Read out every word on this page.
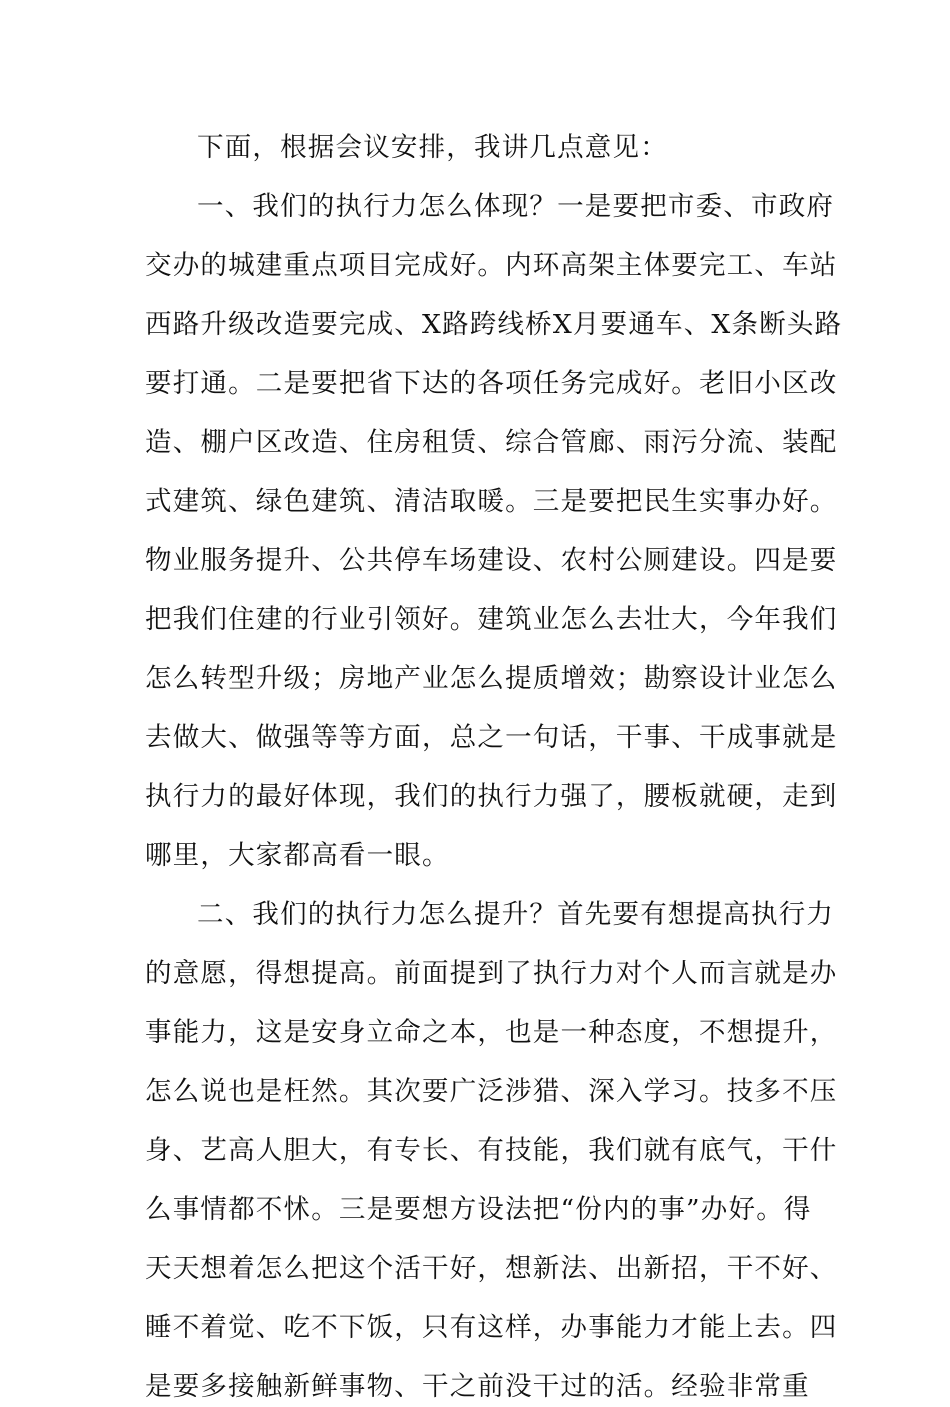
下面，根据会议安排，我讲几点意见：
一、我们的执行力怎么体现？一是要把市委、市政府
交办的城建重点项目完成好。内环高架主体要完工、车站
西路升级改造要完成、X路跨线桥X月要通车、X条断头路
要打通。二是要把省下达的各项任务完成好。老旧小区改
造、棚户区改造、住房租赁、综合管廊、雨污分流、装配
式建筑、绿色建筑、清洁取暖。三是要把民生实事办好。
物业服务提升、公共停车场建设、农村公厕建设。四是要
把我们住建的行业引领好。建筑业怎么去壮大，今年我们
怎么转型升级；房地产业怎么提质增效；勘察设计业怎么
去做大、做强等等方面，总之一句话，干事、干成事就是
执行力的最好体现，我们的执行力强了，腰板就硬，走到
哪里，大家都高看一眼。
二、我们的执行力怎么提升？首先要有想提高执行力
的意愿，得想提高。前面提到了执行力对个人而言就是办
事能力，这是安身立命之本，也是一种态度，不想提升，
怎么说也是枉然。其次要广泛涉猎、深入学习。技多不压
身、艺高人胆大，有专长、有技能，我们就有底气，干什
么事情都不怵。三是要想方设法把“份内的事”办好。得
天天想着怎么把这个活干好，想新法、出新招，干不好、
睡不着觉、吃不下饭，只有这样，办事能力才能上去。四
是要多接触新鲜事物、干之前没干过的活。经验非常重
